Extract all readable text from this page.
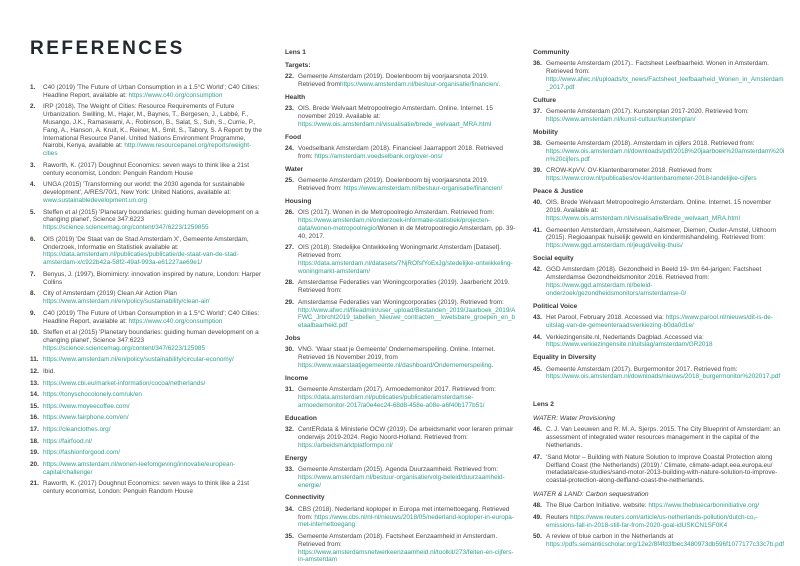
REFERENCES
1.	C40 (2019) 'The Future of Urban Consumption in a 1.5°C World'; C40 Cities: Headline Report, available at: https://www.c40.org/consumption
2.	IRP (2018). The Weight of Cities: Resource Requirements of Future Urbanization. Swilling, M., Hajer, M., Baynes, T., Bergesen, J., Labbé, F., Musango, J.K., Ramaswami, A., Robinson, B., Salat, S., Suh, S., Currie, P., Fang, A., Hanson, A. Kruit, K., Reiner, M., Smit, S., Tabory, S. A Report by the International Resource Panel. United Nations Environment Programme, Nairobi, Kenya, available at: http://www.resourcepanel.org/reports/weight-cities
3.	Raworth, K. (2017) Doughnut Economics: seven ways to think like a 21st century economist, London: Penguin Random House
4.	UNGA (2015) 'Transforming our world: the 2030 agenda for sustainable development', A/RES/70/1, New York: United Nations, available at: www.sustainabledevelopment.un.org
5.	Steffen et al (2015) 'Planetary boundaries: guiding human development on a changing planet', Science 347:6223 https://science.sciencemag.org/content/347/6223/1259855
6.	OIS (2019) 'De Staat van de Stad Amsterdam X', Gemeente Amsterdam, Onderzoek, Informatie en Statistiek available at: https://data.amsterdam.nl/publicaties/publicatie/de-staat-van-de-stad-amsterdam-x/c922b42a-58f2-49af-993a-e61227ae69e1/
7.	Benyus, J. (1997), Biomimicry: innovation inspired by nature, London: Harper Collins
8.	City of Amsterdam (2019) Clean Air Action Plan https://www.amsterdam.nl/en/policy/sustainability/clean-air/
9.	C40 (2019) 'The Future of Urban Consumption in a 1.5°C World'; C40 Cities: Headline Report, available at: https://www.c40.org/consumption
10. Steffen et al (2015) 'Planetary boundaries: guiding human development on a changing planet', Science 347:6223 https://science.sciencemag.org/content/347/6223/125985
11. https://www.amsterdam.nl/en/policy/sustainability/circular-economy/
12. Ibid.
13. https://www.cbi.eu/market-information/cocoa/netherlands/
14. https://tonyschocolonely.com/uk/en
15. https://www.moyeecoffee.com/
16. https://www.fairphone.com/en/
17. https://cleanclothes.org/
18. https://fairfood.nl/
19. https://fashionforgood.com/
20. https://www.amsterdam.nl/wonen-leefomgeving/innovatie/european-capital/challenge/
21. Raworth, K. (2017) Doughnut Economics: seven ways to think like a 21st century economist, London: Penguin Random House
Lens 1
Targets:
22. Gemeente Amsterdam (2019). Doelenboom bij voorjaarsnota 2019. Retrieved fromhttps://www.amsterdam.nl/bestuur-organisatie/financien/.
Health
23. OIS. Brede Welvaart Metropoolregio Amsterdam. Online. Internet. 15 november 2019. Available at: https://www.ois.amsterdam.nl/visualisatie/brede_welvaart_MRA.html
Food
24. Voedselbank Amsterdam (2018). Financieel Jaarrapport 2018. Retrieved from: https://amsterdam.voedselbank.org/over-ons/
Water
25. Gemeente Amsterdam (2019). Doelenboom bij voorjaarsnota 2019. Retrieved from: https://www.amsterdam.nl/bestuur-organisatie/financien/
Housing
26. OIS (2017). Wonen in de Metropoolregio Amsterdam. Retrieved from: https://www.amsterdam.nl/onderzoek-informatie-statistiek/projecten-data/wonen-metropoolregio/Wonen in de Metropoolregio Amsterdam, pp. 39-40, 2017.
27. OIS (2018). Stedelijke Ontwikkeling Woningmarkt Amsterdam [Dataset]. Retrieved from: https://data.amsterdam.nl/datasets/7NjROfsfYoExJg/stedelijke-ontwikkeling-woningmarkt-amsterdam/
28. Amsterdamse Federaties van Woningcorporaties (2019). Jaarbericht 2019. Retrieved from:
29. Amsterdamse Federaties van Woningcorporaties (2019). Retrieved from: http://www.afwc.nl/fileadmin/user_upload/Bestanden_2019/Jaarboek_2019/AFWC_Jrbrcht2019_tabellen_Nieuwe_contracten__kwetsbare_groepen_en_betaalbaarheid.pdf
Jobs
30. VNG. 'Waar staat je Gemeente' Ondernemerspeiling. Online. Internet. Retrieved 16 November 2019, from https://www.waarstaatjegemeente.nl/dashboard/Ondernemerspeiling.
Income
31. Gemeente Amsterdam (2017). Armoedemonitor 2017. Retrieved from: https://data.amsterdam.nl/publicaties/publicatie/amsterdamse-armoedemonitor-2017/a0e4ec24-68d8-458e-a08e-a6f40b177b51/
Education
32. CentERdata & Ministerie OCW (2019). De arbeidsmarkt voor leraren primair onderwijs 2019-2024. Regio Noord-Holland. Retrieved from: https://arbeidsmarktplatformpo.nl/
Energy
33. Gemeente Amsterdam (2015). Agenda Duurzaamheid. Retrieved from: https://www.amsterdam.nl/bestuur-organisatie/volg-beleid/duurzaamheid-energie/
Connectivity
34. CBS (2018). Nederland koploper in Europa met internettoegang. Retrieved from: https://www.cbs.nl/nl-nl/nieuws/2018/05/nederland-koploper-in-europa-met-internettoegang
35. Gemeente Amsterdam (2018). Factsheet Eenzaamheid in Amsterdam. Retrieved from: https://www.amsterdamsnetwerkeenzaamheid.nl/toolkit/273/feiten-en-cijfers-in-amsterdam
Community
36. Gemeente Amsterdam (2017).. Factsheet Leefbaarheid. Wonen in Amsterdam. Retrieved from: http://www.afwc.nl/uploads/tx_news/Factsheet_leefbaarheid_Wonen_in_Amsterdam_2017.pdf
Culture
37. Gemeente Amsterdam (2017). Kunstenplan 2017-2020. Retrieved from: https://www.amsterdam.nl/kunst-cultuur/kunstenplan/
Mobility
38. Gemeente Amsterdam (2018). Amsterdam in cijfers 2018. Retrieved from: https://www.ois.amsterdam.nl/downloads/pdf/2018%20jaarboek%20amsterdam%20in%20cijfers.pdf
39. CROW-KpVV. OV-Klantenbarometer 2018. Retrieved from: https://www.crow.nl/publicaties/ov-klantenbarometer-2018-landelijke-cijfers
Peace & Justice
40. OIS. Brede Welvaart Metropoolregio Amsterdam. Online. Internet. 15 november 2019. Available at: https://www.ois.amsterdam.nl/visualisatie/Brede_welvaart_MRA.html
41. Gemeenten Amsterdam, Amstelveen, Aalsmeer, Diemen, Ouder-Amstel, Uithoorn (2015). Regioaanpak huiselijk geweld en kindermishandeling. Retrieved from: https://www.ggd.amsterdam.nl/jeugd/veilig-thuis/
Social equity
42. GGD Amsterdam (2018). Gezondheid in Beeld 19- t/m 64-jarigen: Factsheet Amsterdamse Gezondheidsmonitor 2016. Retrieved from: https://www.ggd.amsterdam.nl/beleid-onderzoek/gezondheidsmonitors/amsterdamse-0/
Political Voice
43. Het Parool, February 2018. Accessed via: https://www.parool.nl/nieuws/dit-is-de-uitslag-van-de-gemeenteraadsverkiezing-b0da0d1e/
44. Verkiezingensite.nl, Nederlands Dagblad. Accessed via: https://www.verkiezingensite.nl/uitslag/amsterdam/GR2018
Equality in Diversity
45. Gemeente Amsterdam (2017). Burgermonitor 2017. Retrieved from: https://www.ois.amsterdam.nl/downloads/nieuws/2018_burgermonitor%202017.pdf
Lens 2
WATER: Water Provisioning
46. C. J. Van Leeuwen and R. M. A. Sjerps. 2015. The City Blueprint of Amsterdam: an assessment of integrated water resources management in the capital of the Netherlands.
47. 'Sand Motor – Building with Nature Solution to Improve Coastal Protection along Delfland Coast (the Netherlands) (2019).' Climate, climate-adapt.eea.europa.eu/ metadata/case-studies/sand-motor-2013-building-with-nature-solution-to-improve-coastal-protection-along-delfland-coast-the-netherlands.
WATER & LAND: Carbon sequestration
48. The Blue Carbon Initiative. website: https://www.thebluecarboninitiative.org/
49. Reuters https://www.reuters.com/article/us-netherlands-pollution/dutch-co₂-emissions-fall-in-2018-still-far-from-2020-goal-idUSKCN1SF0K4
50. A review of blue carbon in the Netherlands at https://pdfs.semanticscholar.org/12e2/8f4fd3fbec3480973db596f1077177c33c7b.pdf
